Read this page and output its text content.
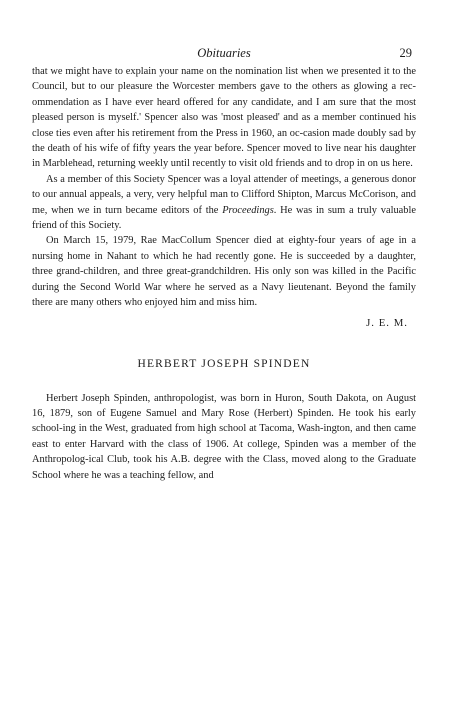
Obituaries	29

that we might have to explain your name on the nomination list when we presented it to the Council, but to our pleasure the Worcester members gave to the others as glowing a rec-ommendation as I have ever heard offered for any candidate, and I am sure that the most pleased person is myself.' Spencer also was 'most pleased' and as a member continued his close ties even after his retirement from the Press in 1960, an oc-casion made doubly sad by the death of his wife of fifty years the year before. Spencer moved to live near his daughter in Marblehead, returning weekly until recently to visit old friends and to drop in on us here.

As a member of this Society Spencer was a loyal attender of meetings, a generous donor to our annual appeals, a very, very helpful man to Clifford Shipton, Marcus McCorison, and me, when we in turn became editors of the Proceedings. He was in sum a truly valuable friend of this Society.

On March 15, 1979, Rae MacCollum Spencer died at eighty-four years of age in a nursing home in Nahant to which he had recently gone. He is succeeded by a daughter, three grand-children, and three great-grandchildren. His only son was killed in the Pacific during the Second World War where he served as a Navy lieutenant. Beyond the family there are many others who enjoyed him and miss him.

J. E. M.
HERBERT JOSEPH SPINDEN

Herbert Joseph Spinden, anthropologist, was born in Huron, South Dakota, on August 16, 1879, son of Eugene Samuel and Mary Rose (Herbert) Spinden. He took his early school-ing in the West, graduated from high school at Tacoma, Wash-ington, and then came east to enter Harvard with the class of 1906. At college, Spinden was a member of the Anthropolog-ical Club, took his A.B. degree with the Class, moved along to the Graduate School where he was a teaching fellow, and
